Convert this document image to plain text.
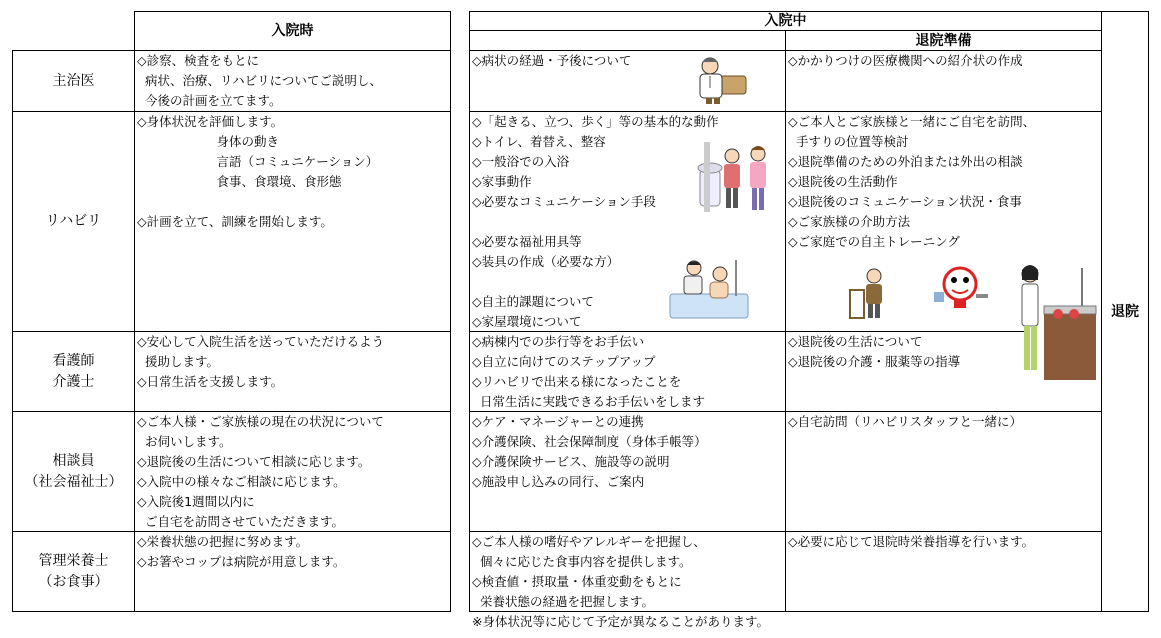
入院時
入院中
退院準備
退院
主治医
リハビリ
看護師
介護士
相談員
（社会福祉士）
管理栄養士
（お食事）
◇診察、検査をもとに
病状、治療、リハビリについてご説明し、
今後の計画を立てます。
◇身体状況を評価します。
身体の動き
言語（コミュニケーション）
食事、食環境、食形態

◇計画を立て、訓練を開始します。
◇安心して入院生活を送っていただけるよう
援助します。
◇日常生活を支援します。
◇ご本人様・ご家族様の現在の状況について
お伺いします。
◇退院後の生活について相談に応じます。
◇入院中の様々なご相談に応じます。
◇入院後1週間以内に
ご自宅を訪問させていただきます。
◇栄養状態の把握に努めます。
◇お箸やコップは病院が用意します。
◇病状の経過・予後について
◇「起きる、立つ、歩く」等の基本的な動作
◇トイレ、着替え、整容
◇一般浴での入浴
◇家事動作
◇必要なコミュニケーション手段
◇必要な福祉用具等
◇装具の作成（必要な方）
◇自主的課題について
◇家屋環境について
◇病棟内での歩行等をお手伝い
◇自立に向けてのステップアップ
◇リハビリで出来る様になったことを
日常生活に実践できるお手伝いをします
◇ケア・マネージャーとの連携
◇介護保険、社会保障制度（身体手帳等）
◇介護保険サービス、施設等の説明
◇施設申し込みの同行、ご案内
◇ご本人様の嗜好やアレルギーを把握し、
個々に応じた食事内容を提供します。
◇検査値・摂取量・体重変動をもとに
栄養状態の経過を把握します。
◇かかりつけの医療機関への紹介状の作成
◇ご本人とご家族様と一緒にご自宅を訪問、
手すりの位置等検討
◇退院準備のための外泊または外出の相談
◇退院後の生活動作
◇退院後のコミュニケーション状況・食事
◇ご家族様の介助方法
◇ご家庭での自主トレーニング
◇退院後の生活について
◇退院後の介護・服薬等の指導
◇自宅訪問（リハビリスタッフと一緒に）
◇必要に応じて退院時栄養指導を行います。
※身体状況等に応じて予定が異なることがあります。
